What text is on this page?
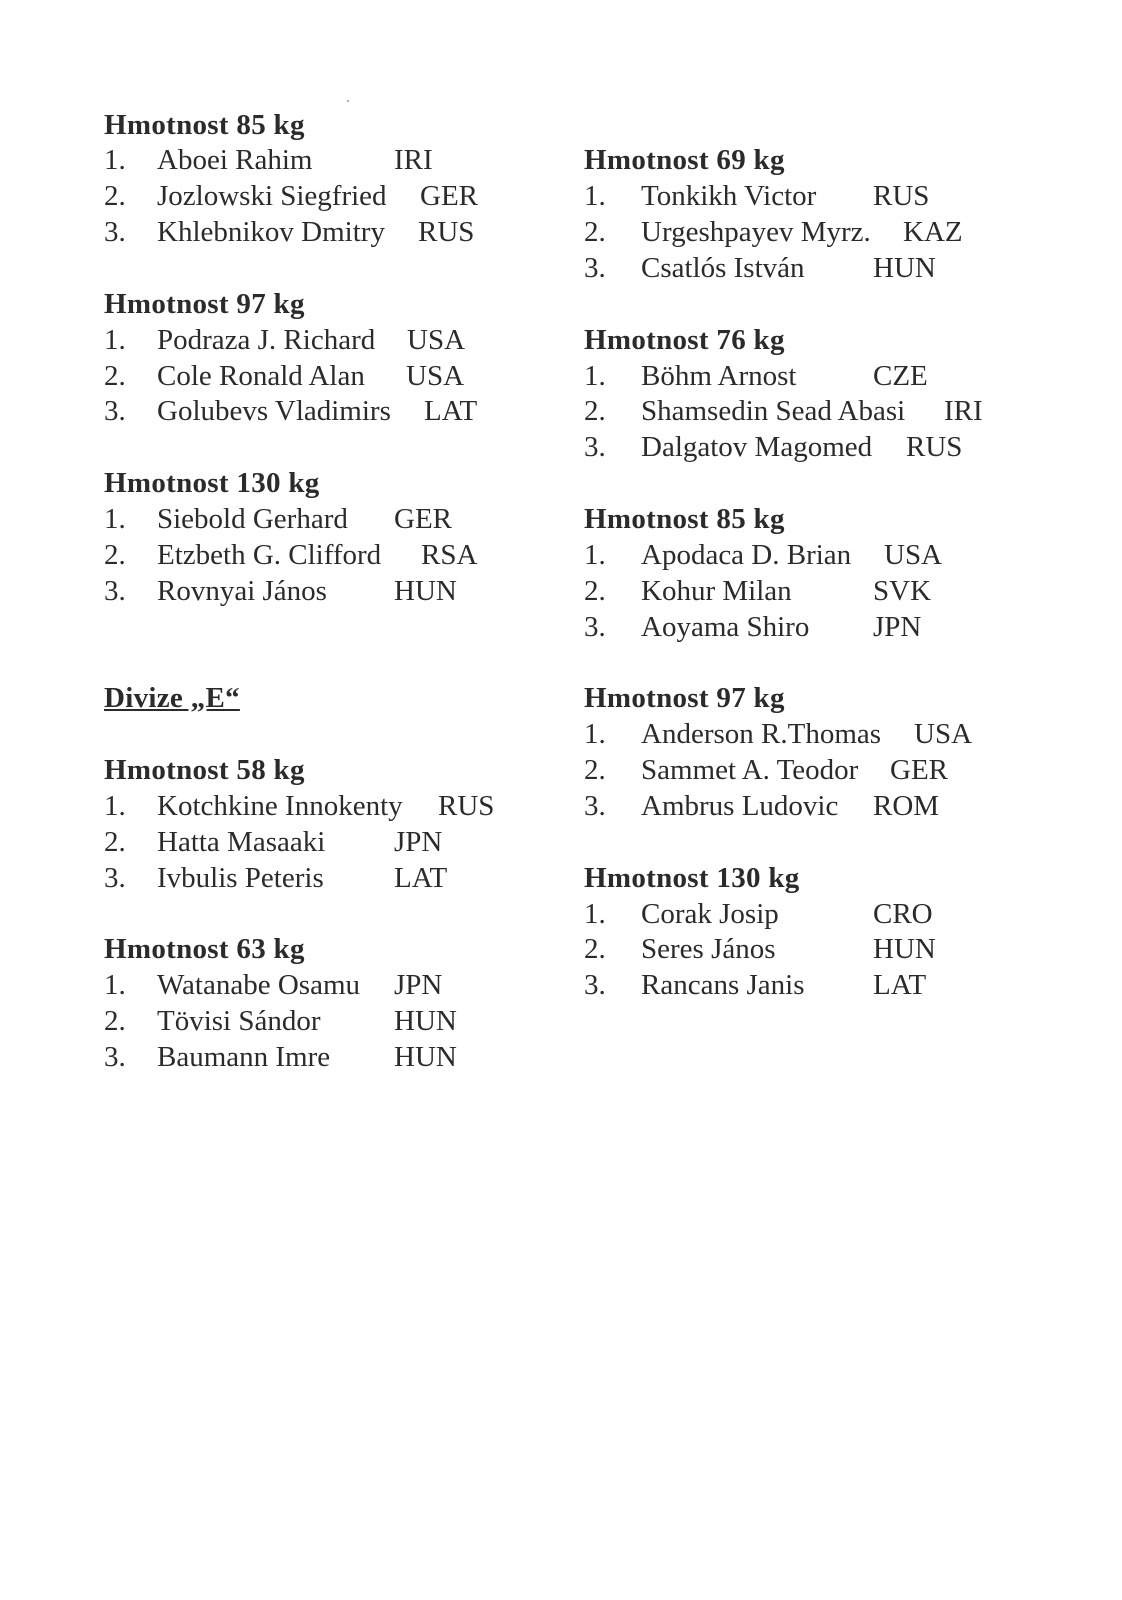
Hmotnost 85 kg
1. Aboei Rahim	IRI
2. Jozlowski Siegfried GER
3. Khlebnikov Dmitry RUS
Hmotnost 97 kg
1. Podraza J. Richard USA
2. Cole Ronald Alan USA
3. Golubevs Vladimirs LAT
Hmotnost 130 kg
1. Siebold Gerhard GER
2. Etzbeth G. Clifford RSA
3. Rovnyai János HUN
Divize „E“
Hmotnost 58 kg
1. Kotchkine Innokenty RUS
2. Hatta Masaaki JPN
3. Ivbulis Peteris LAT
Hmotnost 63 kg
1. Watanabe Osamu JPN
2. Tövisi Sándor	HUN
3. Baumann Imre HUN
Hmotnost 69 kg
1. Tonkikh Victor RUS
2. Urgeshpayev Myrz. KAZ
3. Csatlós István HUN
Hmotnost 76 kg
1. Böhm Arnost	CZE
2. Shamsedin Sead Abasi IRI
3. Dalgatov Magomed RUS
Hmotnost 85 kg
1. Apodaca D. Brian USA
2. Kohur Milan	SVK
3. Aoyama Shiro JPN
Hmotnost 97 kg
1. Anderson R.Thomas USA
2. Sammet A. Teodor GER
3. Ambrus Ludovic ROM
Hmotnost 130 kg
1. Corak Josip	CRO
2. Seres János	HUN
3. Rancans Janis LAT
